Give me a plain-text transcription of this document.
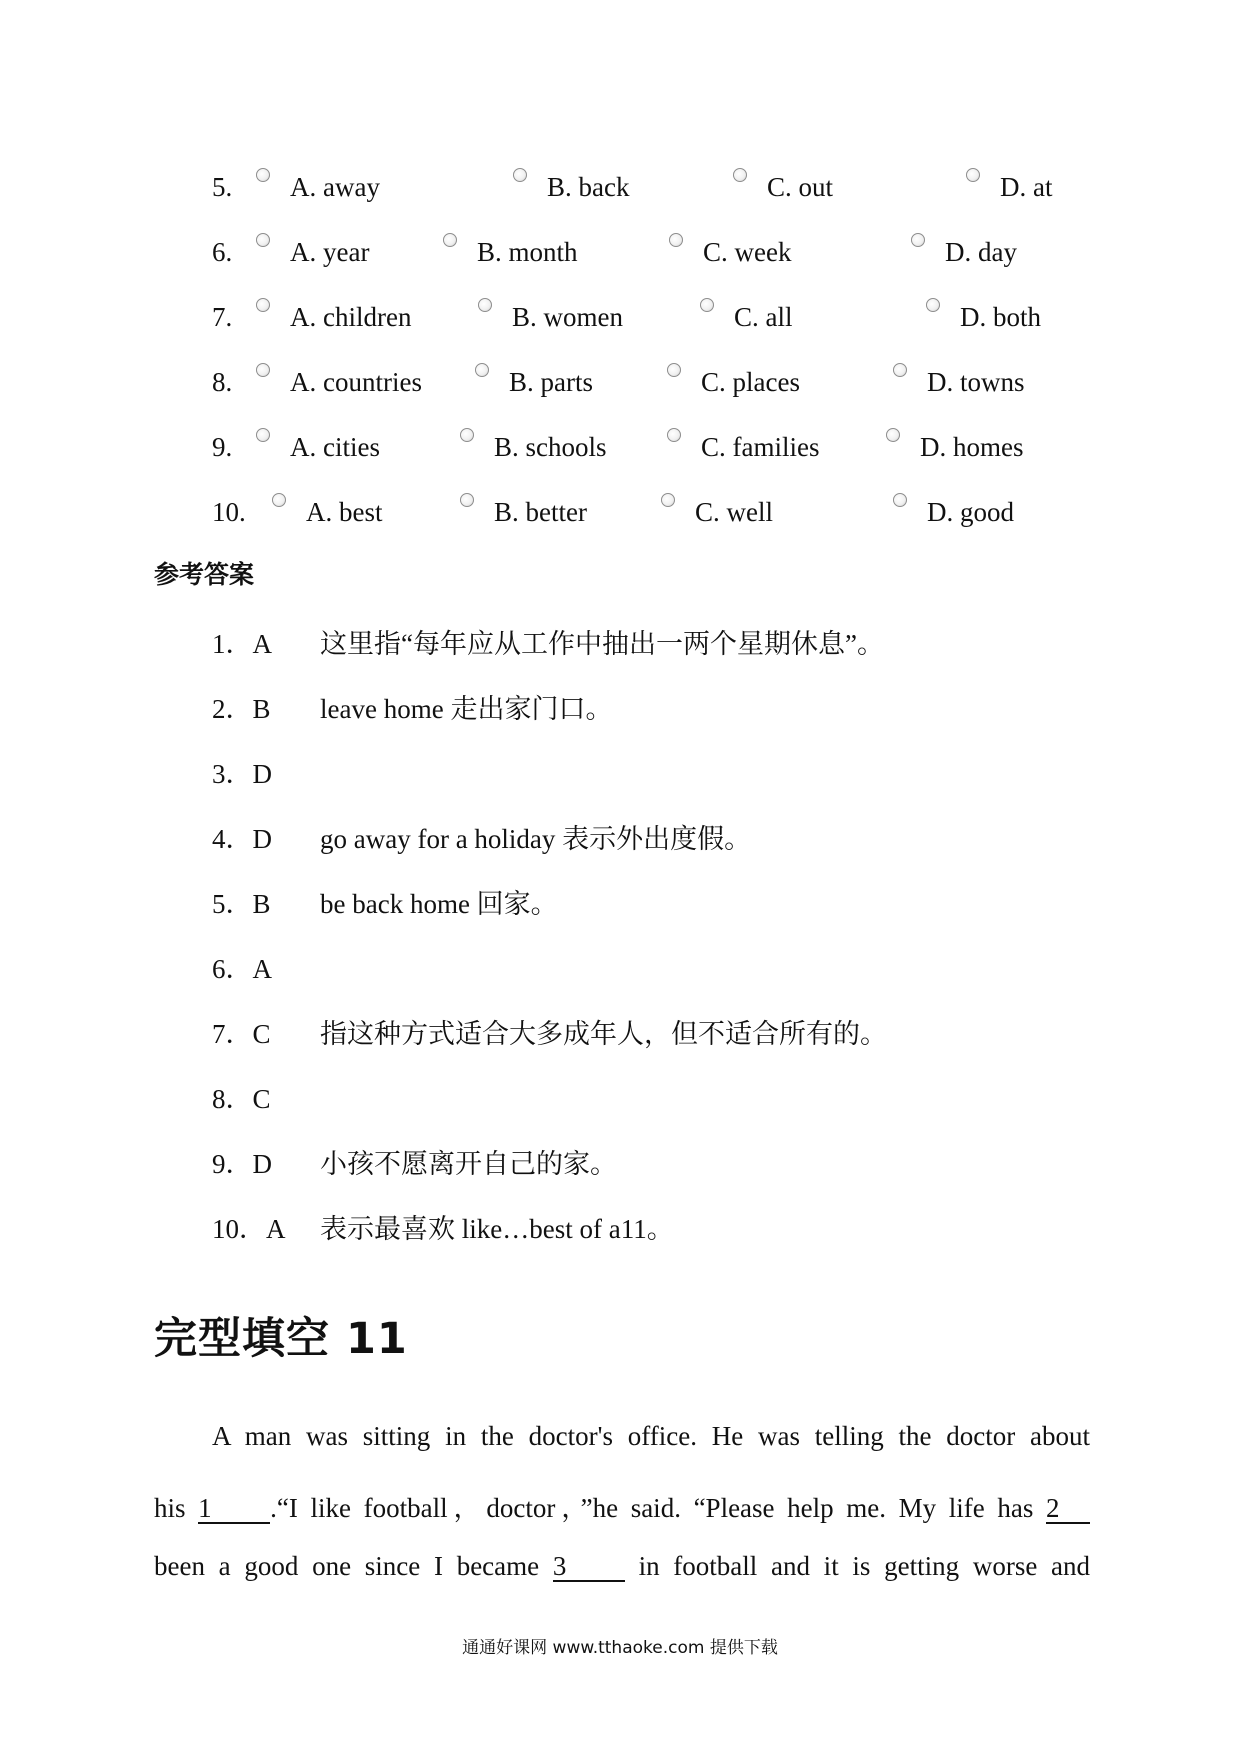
5. A. away	B. back	C. out	D. at
6. A. year	B. month	C. week	D. day
7. A. children	B. women	C. all	D. both
8. A. countries	B. parts	C. places	D. towns
9. A. cities	B. schools	C. families	D. homes
10. A. best	B. better	C. well	D. good
参考答案
1．A 这里指“每年应从工作中抽出一两个星期休息”。
2．B leave home 走出家门口。
3．D
4．D go away for a holiday 表示外出度假。
5．B be back home 回家。
6．A
7．C 指这种方式适合大多成年人，但不适合所有的。
8．C
9．D 小孩不愿离开自己的家。
10．A 表示最喜欢 like…best of a11。
完型填空 11
A man was sitting in the doctor's office. He was telling the doctor about
his 1 .“I like football，doctor，”he said. “Please help me. My life has 2
been a good one since I became 3	in football and it is getting worse and
通通好课网 www.tthaoke.com 提供下载
